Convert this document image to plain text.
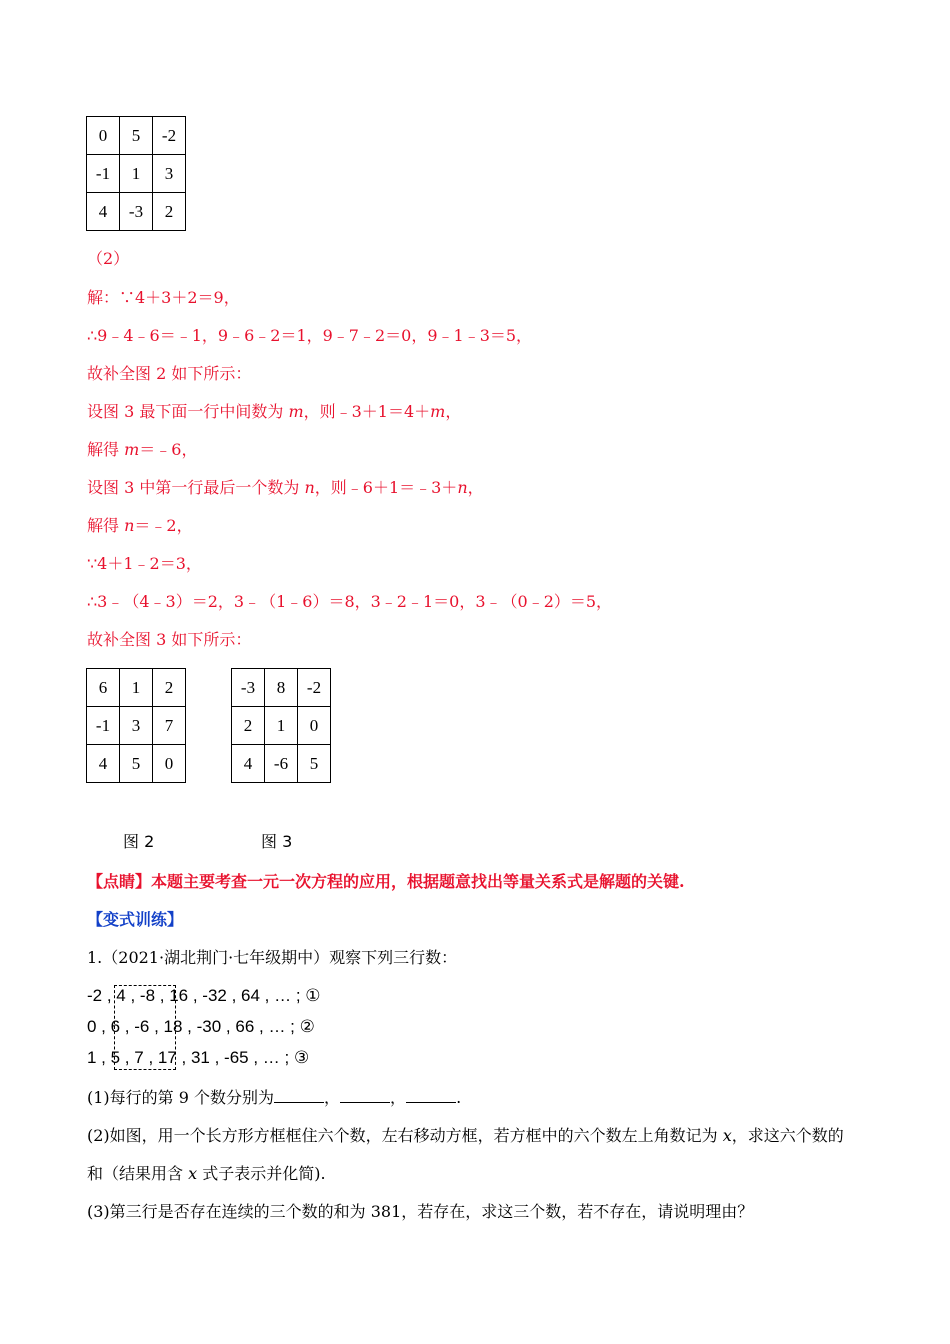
0	5	-2
-1	1	3
4	-3	2
（2）
解：∵4＋3＋2＝9，
∴9﹣4﹣6＝﹣1，9﹣6﹣2＝1，9﹣7﹣2＝0，9﹣1﹣3＝5，
故补全图 2 如下所示：
设图 3 最下面一行中间数为 m，则﹣3＋1＝4＋m，
解得 m＝﹣6，
设图 3 中第一行最后一个数为 n，则﹣6＋1＝﹣3＋n，
解得 n＝﹣2，
∵4＋1﹣2＝3，
∴3﹣（4﹣3）＝2，3﹣（1﹣6）＝8，3﹣2﹣1＝0，3﹣（0﹣2）＝5，
故补全图 3 如下所示：
6	1	2
-1	3	7
4	5	0
-3	8	-2
2	1	0
4	-6	5
图 2	图 3
【点睛】本题主要考查一元一次方程的应用，根据题意找出等量关系式是解题的关键.
【变式训练】
1.（2021·湖北荆门·七年级期中）观察下列三行数：
-2 , 4 , -8 , 16 , -32 , 64 , … ; ①
0 , 6 , -6 , 18 , -30 , 66 , … ; ②
1 , 5 , 7 , 17 , 31 , -65 , … ; ③
(1)每行的第 9 个数分别为	，	，	.
(2)如图，用一个长方形方框框住六个数，左右移动方框，若方框中的六个数左上角数记为 x，求这六个数的
和（结果用含 x 式子表示并化简).
(3)第三行是否存在连续的三个数的和为 381，若存在，求这三个数，若不存在，请说明理由？
